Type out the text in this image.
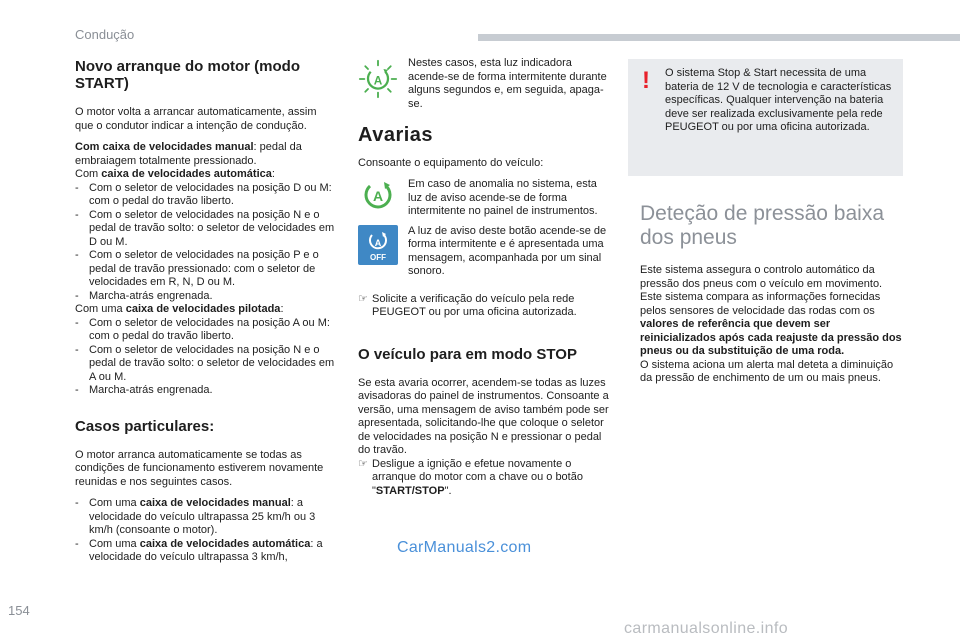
Condução
Novo arranque do motor (modo START)

O motor volta a arrancar automaticamente, assim que o condutor indicar a intenção de condução.

Com caixa de velocidades manual: pedal da embraiagem totalmente pressionado.
Com caixa de velocidades automática:
- Com o seletor de velocidades na posição D ou M: com o pedal do travão liberto.
- Com o seletor de velocidades na posição N e o pedal de travão solto: o seletor de velocidades em D ou M.
- Com o seletor de velocidades na posição P e o pedal de travão pressionado: com o seletor de velocidades em R, N, D ou M.
- Marcha-atrás engrenada.
Com uma caixa de velocidades pilotada:
- Com o seletor de velocidades na posição A ou M: com o pedal do travão liberto.
- Com o seletor de velocidades na posição N e o pedal de travão solto: o seletor de velocidades em A ou M.
- Marcha-atrás engrenada.
Casos particulares:

O motor arranca automaticamente se todas as condições de funcionamento estiverem novamente reunidas e nos seguintes casos.

- Com uma caixa de velocidades manual: a velocidade do veículo ultrapassa 25 km/h ou 3 km/h (consoante o motor).
- Com uma caixa de velocidades automática: a velocidade do veículo ultrapassa 3 km/h,
A
Nestes casos, esta luz indicadora acende-se de forma intermitente durante alguns segundos e, em seguida, apaga-se.
Avarias

Consoante o equipamento do veículo:

A
Em caso de anomalia no sistema, esta luz de aviso acende-se de forma intermitente no painel de instrumentos.
A
OFF
A luz de aviso deste botão acende-se de forma intermitente e é apresentada uma mensagem, acompanhada por um sinal sonoro.
☞ Solicite a verificação do veículo pela rede PEUGEOT ou por uma oficina autorizada.
O veículo para em modo STOP
Se esta avaria ocorrer, acendem-se todas as luzes avisadoras do painel de instrumentos. Consoante a versão, uma mensagem de aviso também pode ser apresentada, solicitando-lhe que coloque o seletor de velocidades na posição N e pressionar o pedal do travão.
☞ Desligue a ignição e efetue novamente o arranque do motor com a chave ou o botão "START/STOP".
! O sistema Stop & Start necessita de uma bateria de 12 V de tecnologia e características específicas. Qualquer intervenção na bateria deve ser realizada exclusivamente pela rede PEUGEOT ou por uma oficina autorizada.
Deteção de pressão baixa dos pneus
Este sistema assegura o controlo automático da pressão dos pneus com o veículo em movimento.
Este sistema compara as informações fornecidas pelos sensores de velocidade das rodas com os valores de referência que devem ser reinicializados após cada reajuste da pressão dos pneus ou da substituição de uma roda.
O sistema aciona um alerta mal deteta a diminuição da pressão de enchimento de um ou mais pneus.
CarManuals2.com
154
carmanualsonline.info
